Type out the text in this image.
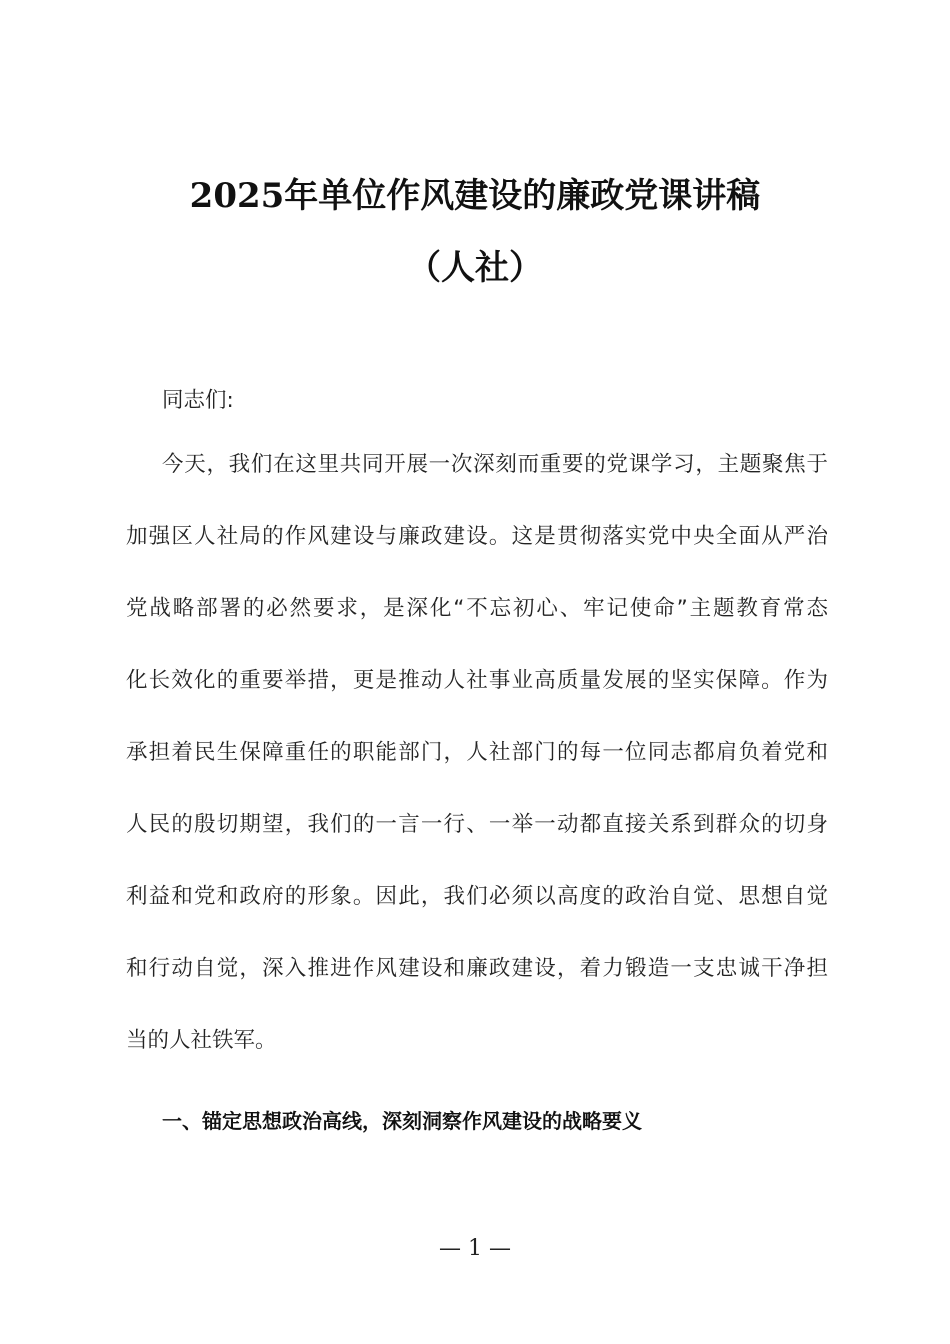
2025年单位作风建设的廉政党课讲稿
（人社）
同志们:
今天，我们在这里共同开展一次深刻而重要的党课学习，主题聚焦于
加强区人社局的作风建设与廉政建设。这是贯彻落实党中央全面从严治
党战略部署的必然要求，是深化“不忘初心、牢记使命”主题教育常态
化长效化的重要举措，更是推动人社事业高质量发展的坚实保障。作为
承担着民生保障重任的职能部门，人社部门的每一位同志都肩负着党和
人民的殷切期望，我们的一言一行、一举一动都直接关系到群众的切身
利益和党和政府的形象。因此，我们必须以高度的政治自觉、思想自觉
和行动自觉，深入推进作风建设和廉政建设，着力锻造一支忠诚干净担
当的人社铁军。
一、锚定思想政治高线，深刻洞察作风建设的战略要义
— 1 —
